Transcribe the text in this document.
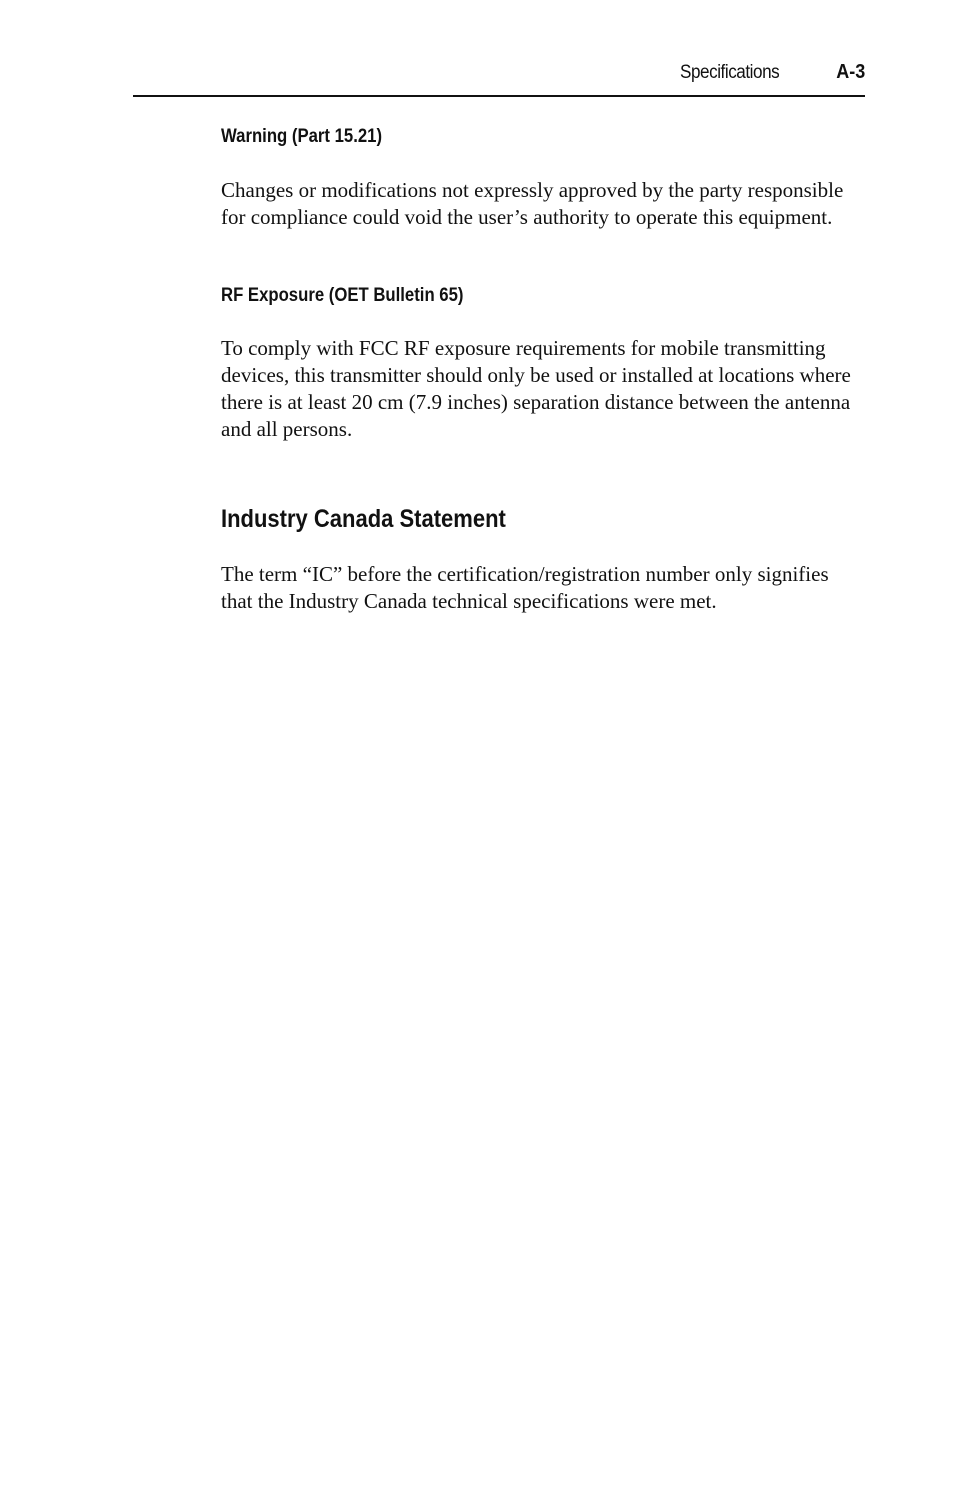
Specifications	A-3
Warning (Part 15.21)

Changes or modifications not expressly approved by the party responsible for compliance could void the user’s authority to operate this equipment.

RF Exposure (OET Bulletin 65)

To comply with FCC RF exposure requirements for mobile transmitting devices, this transmitter should only be used or installed at locations where there is at least 20 cm (7.9 inches) separation distance between the antenna and all persons.

Industry Canada Statement

The term “IC” before the certification/registration number only signifies that the Industry Canada technical specifications were met.
